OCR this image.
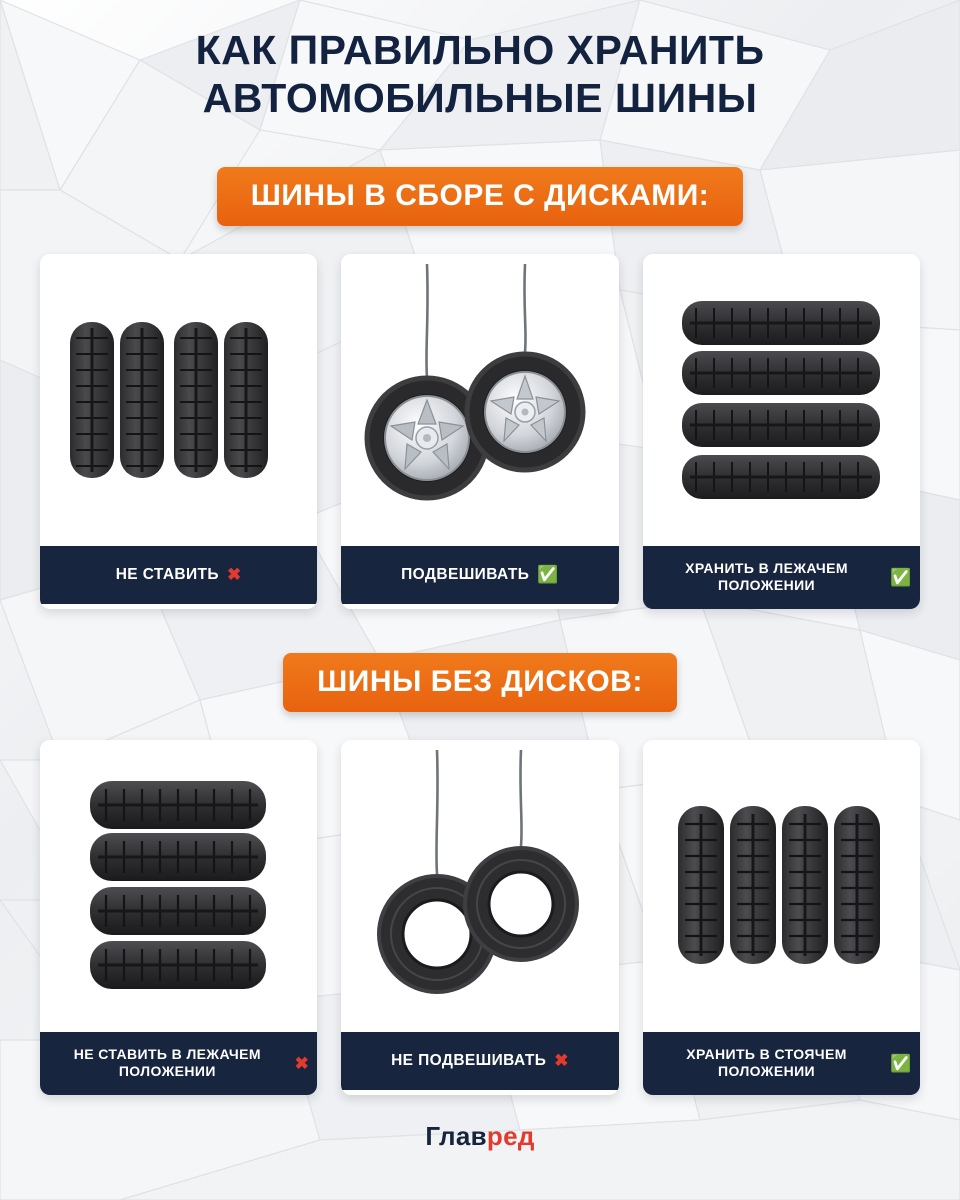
КАК ПРАВИЛЬНО ХРАНИТЬ
АВТОМОБИЛЬНЫЕ ШИНЫ
ШИНЫ В СБОРЕ С ДИСКАМИ:
НЕ СТАВИТЬ ✖	ПОДВЕШИВАТЬ ✅	ХРАНИТЬ В ЛЕЖАЧЕМ ПОЛОЖЕНИИ	✅
ШИНЫ БЕЗ ДИСКОВ:
НЕ СТАВИТЬ В ЛЕЖАЧЕМ ПОЛОЖЕНИИ	✖	НЕ ПОДВЕШИВАТЬ ✖	ХРАНИТЬ В СТОЯЧЕМ ПОЛОЖЕНИИ	✅
Главред
